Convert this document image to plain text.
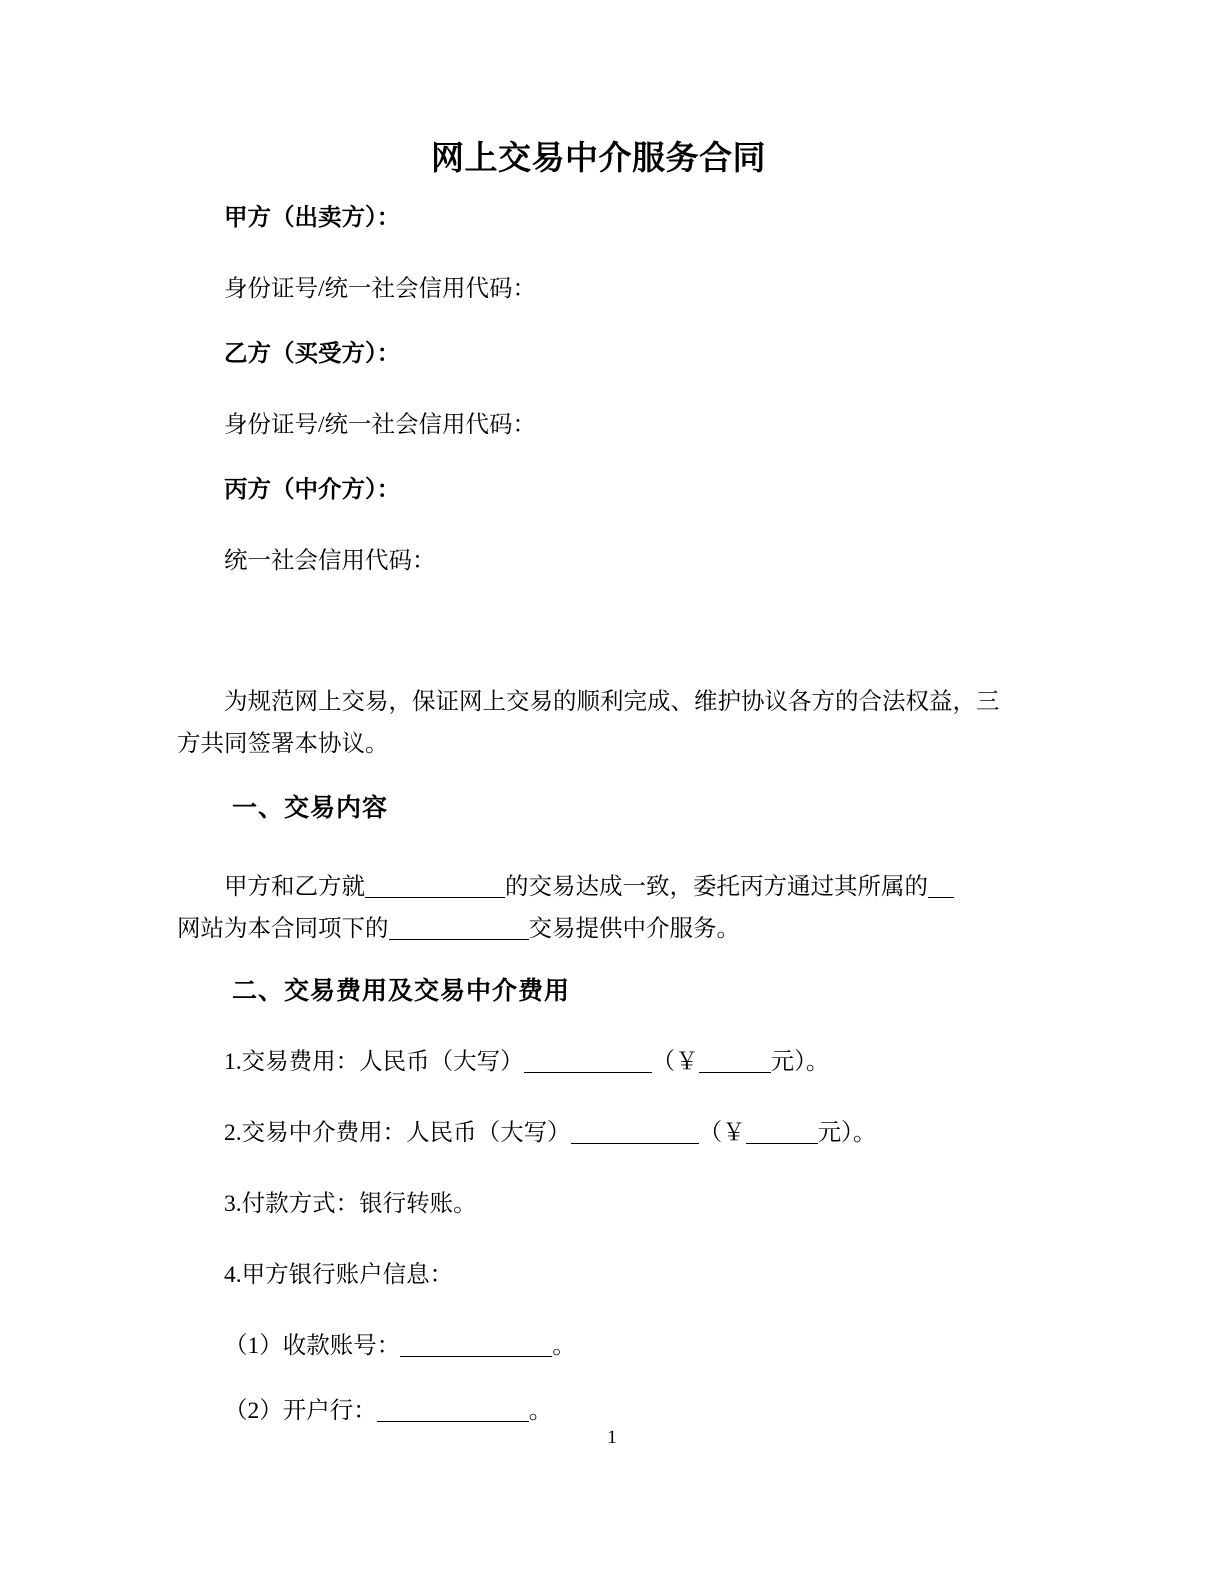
网上交易中介服务合同
甲方（出卖方）：
身份证号/统一社会信用代码：
乙方（买受方）：
身份证号/统一社会信用代码：
丙方（中介方）：
统一社会信用代码：
为规范网上交易，保证网上交易的顺利完成、维护协议各方的合法权益，三
方共同签署本协议。
一、交易内容
甲方和乙方就	的交易达成一致，委托丙方通过其所属的
网站为本合同项下的	交易提供中介服务。
二、交易费用及交易中介费用
1.交易费用：人民币（大写）	（￥	元）。
2.交易中介费用：人民币（大写）	（￥	元）。
3.付款方式：银行转账。
4.甲方银行账户信息：
（1）收款账号：	。
（2）开户行：	。
1
